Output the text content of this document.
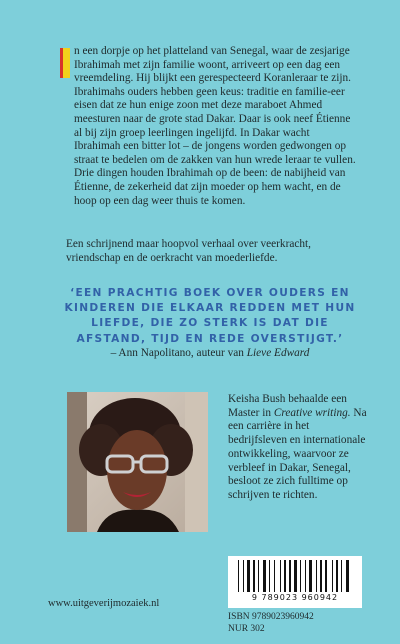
n een dorpje op het platteland van Senegal, waar de zesjarige Ibrahimah met zijn familie woont, arriveert op een dag een vreemdeling. Hij blijkt een gerespecteerd Koranleraar te zijn. Ibrahimahs ouders hebben geen keus: traditie en familie-eer eisen dat ze hun enige zoon met deze maraboet Ahmed meesturen naar de grote stad Dakar. Daar is ook neef Étienne al bij zijn groep leerlingen ingelijfd. In Dakar wacht Ibrahimah een bitter lot – de jongens worden gedwongen op straat te bedelen om de zakken van hun wrede leraar te vullen. Drie dingen houden Ibrahimah op de been: de nabijheid van Étienne, de zekerheid dat zijn moeder op hem wacht, en de hoop op een dag weer thuis te komen.

Een schrijnend maar hoopvol verhaal over veerkracht, vriendschap en de oerkracht van moederliefde.

‘EEN PRACHTIG BOEK OVER OUDERS EN KINDEREN DIE ELKAAR REDDEN MET HUN LIEFDE, DIE ZO STERK IS DAT DIE AFSTAND, TIJD EN REDE OVERSTIJGT.’

– Ann Napolitano, auteur van Lieve Edward

Keisha Bush behaalde een Master in Creative writing. Na een carrière in het bedrijfsleven en internationale ontwikkeling, waarvoor ze verbleef in Dakar, Senegal, besloot ze zich fulltime op schrijven te richten.

9 789023 960942

ISBN 9789023960942
NUR 302

www.uitgeverijmozaiek.nl
